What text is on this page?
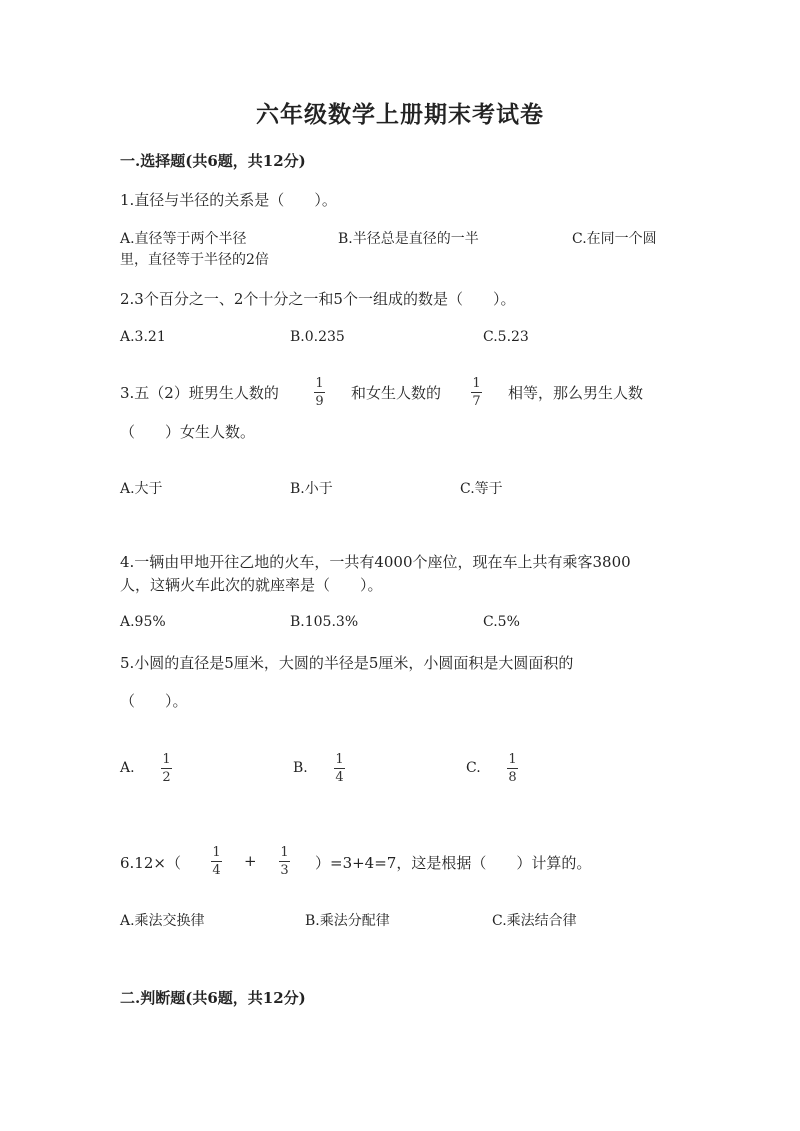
六年级数学上册期末考试卷
一.选择题(共6题，共12分)
1.直径与半径的关系是（　　）。
A.直径等于两个半径	B.半径总是直径的一半	C.在同一个圆
里，直径等于半径的2倍
2.3个百分之一、2个十分之一和5个一组成的数是（　　）。
A.3.21	B.0.235	C.5.23
3.五（2）班男生人数的
1
9 和女生人数的
1
7 相等，那么男生人数
（　　）女生人数。
A.大于	B.小于	C.等于
4.一辆由甲地开往乙地的火车，一共有4000个座位，现在车上共有乘客3800
人，这辆火车此次的就座率是（　　）。
A.95%	B.105.3%	C.5%
5.小圆的直径是5厘米，大圆的半径是5厘米，小圆面积是大圆面积的
（　　）。
A.
1
2
B.
1
4
C.
1
8
6.12×（
1
4
+ 1
3 ）=3+4=7，这是根据（　　）计算的。
A.乘法交换律	B.乘法分配律	C.乘法结合律
二.判断题(共6题，共12分)
